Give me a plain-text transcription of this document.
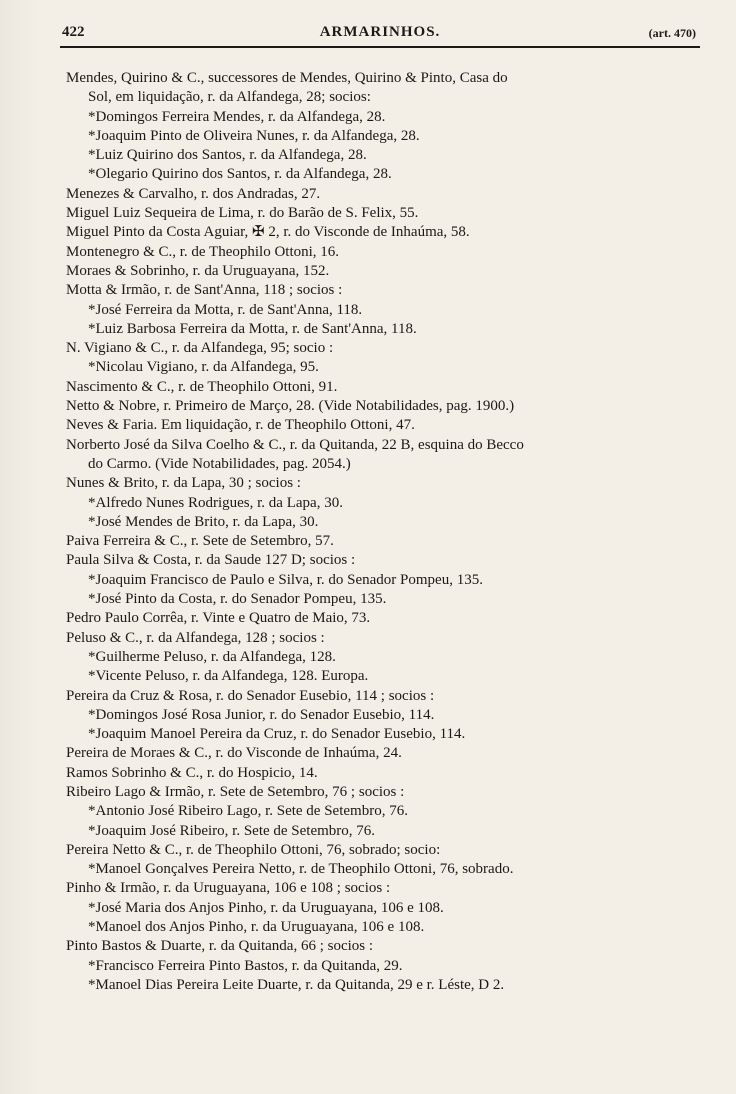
422	ARMARINHOS.	(art. 470)
Mendes, Quirino & C., successores de Mendes, Quirino & Pinto, Casa do
Sol, em liquidação, r. da Alfandega, 28; socios:
*Domingos Ferreira Mendes, r. da Alfandega, 28.
*Joaquim Pinto de Oliveira Nunes, r. da Alfandega, 28.
*Luiz Quirino dos Santos, r. da Alfandega, 28.
*Olegario Quirino dos Santos, r. da Alfandega, 28.
Menezes & Carvalho, r. dos Andradas, 27.
Miguel Luiz Sequeira de Lima, r. do Barão de S. Felix, 55.
Miguel Pinto da Costa Aguiar, ✠ 2, r. do Visconde de Inhaúma, 58.
Montenegro & C., r. de Theophilo Ottoni, 16.
Moraes & Sobrinho, r. da Uruguayana, 152.
Motta & Irmão, r. de Sant'Anna, 118 ; socios :
*José Ferreira da Motta, r. de Sant'Anna, 118.
*Luiz Barbosa Ferreira da Motta, r. de Sant'Anna, 118.
N. Vigiano & C., r. da Alfandega, 95; socio :
*Nicolau Vigiano, r. da Alfandega, 95.
Nascimento & C., r. de Theophilo Ottoni, 91.
Netto & Nobre, r. Primeiro de Março, 28. (Vide Notabilidades, pag. 1900.)
Neves & Faria. Em liquidação, r. de Theophilo Ottoni, 47.
Norberto José da Silva Coelho & C., r. da Quitanda, 22 B, esquina do Becco
do Carmo. (Vide Notabilidades, pag. 2054.)
Nunes & Brito, r. da Lapa, 30 ; socios :
*Alfredo Nunes Rodrigues, r. da Lapa, 30.
*José Mendes de Brito, r. da Lapa, 30.
Paiva Ferreira & C., r. Sete de Setembro, 57.
Paula Silva & Costa, r. da Saude 127 D; socios :
*Joaquim Francisco de Paulo e Silva, r. do Senador Pompeu, 135.
*José Pinto da Costa, r. do Senador Pompeu, 135.
Pedro Paulo Corrêa, r. Vinte e Quatro de Maio, 73.
Peluso & C., r. da Alfandega, 128 ; socios :
*Guilherme Peluso, r. da Alfandega, 128.
*Vicente Peluso, r. da Alfandega, 128. Europa.
Pereira da Cruz & Rosa, r. do Senador Eusebio, 114 ; socios :
*Domingos José Rosa Junior, r. do Senador Eusebio, 114.
*Joaquim Manoel Pereira da Cruz, r. do Senador Eusebio, 114.
Pereira de Moraes & C., r. do Visconde de Inhaúma, 24.
Ramos Sobrinho & C., r. do Hospicio, 14.
Ribeiro Lago & Irmão, r. Sete de Setembro, 76 ; socios :
*Antonio José Ribeiro Lago, r. Sete de Setembro, 76.
*Joaquim José Ribeiro, r. Sete de Setembro, 76.
Pereira Netto & C., r. de Theophilo Ottoni, 76, sobrado; socio:
*Manoel Gonçalves Pereira Netto, r. de Theophilo Ottoni, 76, sobrado.
Pinho & Irmão, r. da Uruguayana, 106 e 108 ; socios :
*José Maria dos Anjos Pinho, r. da Uruguayana, 106 e 108.
*Manoel dos Anjos Pinho, r. da Uruguayana, 106 e 108.
Pinto Bastos & Duarte, r. da Quitanda, 66 ; socios :
*Francisco Ferreira Pinto Bastos, r. da Quitanda, 29.
*Manoel Dias Pereira Leite Duarte, r. da Quitanda, 29 e r. Léste, D 2.
